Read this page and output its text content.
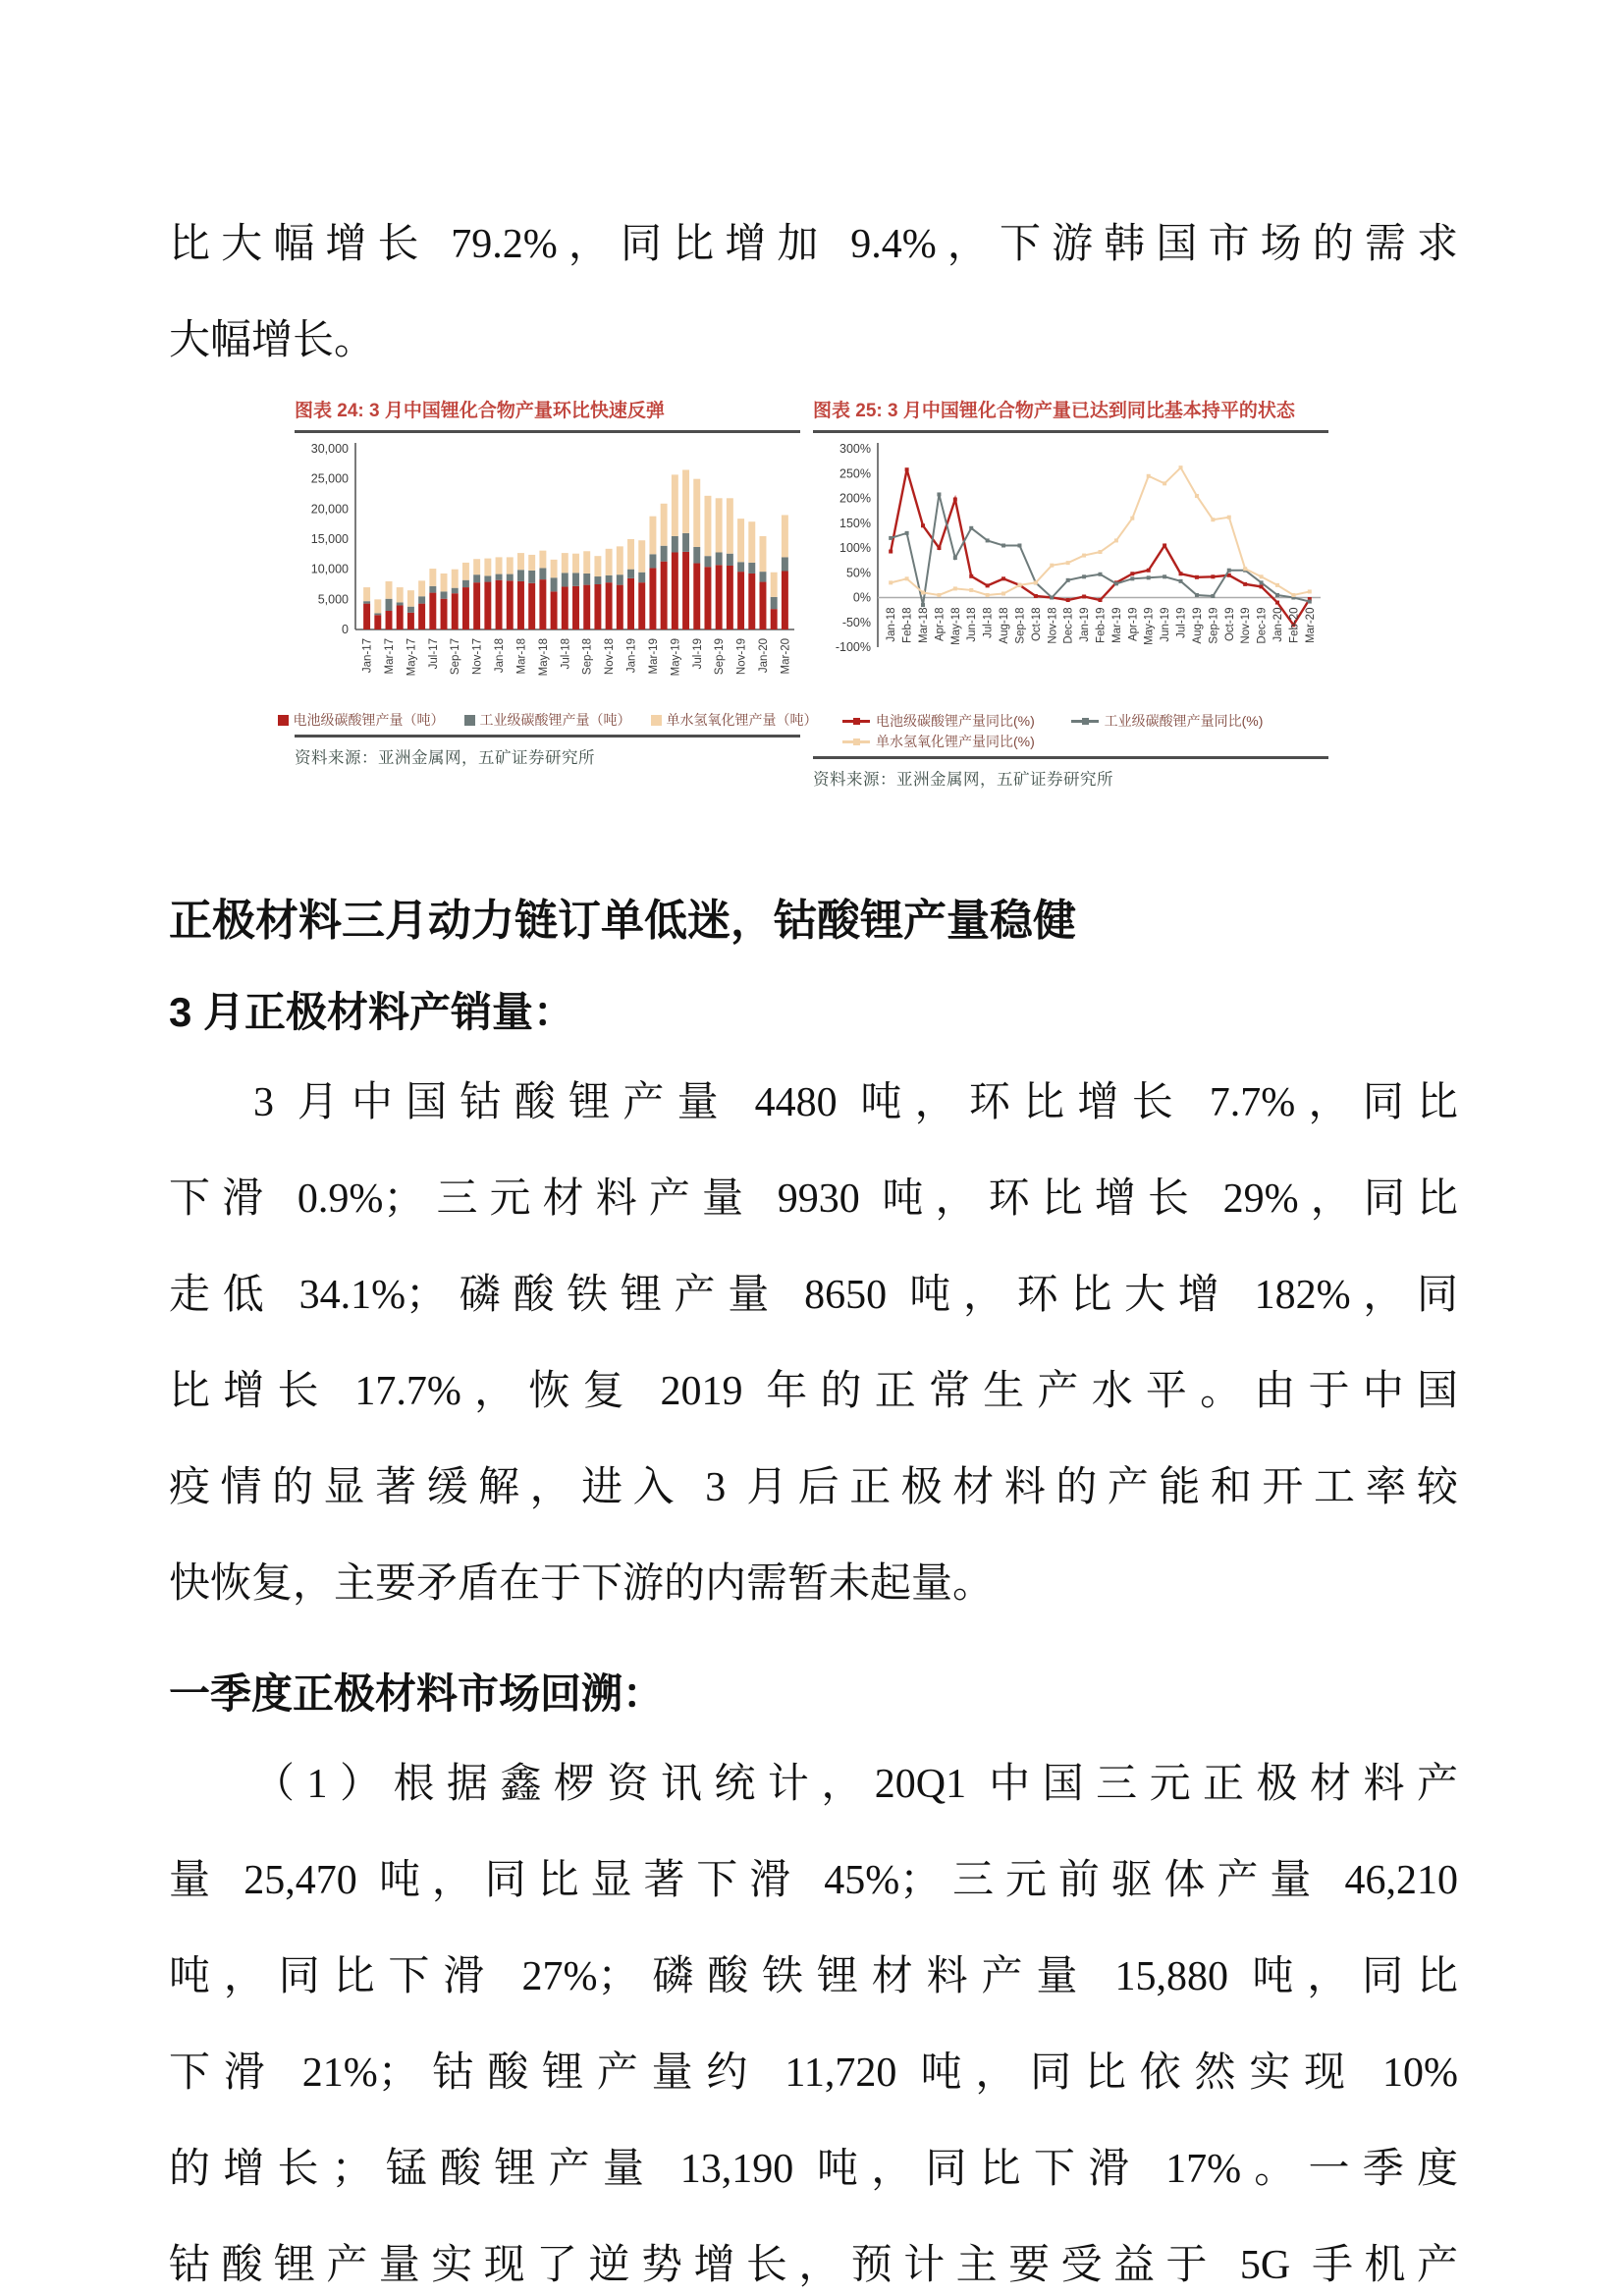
比大幅增长 79.2%，同比增加 9.4%，下游韩国市场的需求
大幅增长。
图表 24: 3 月中国锂化合物产量环比快速反弹
0
5,000
10,000
15,000
20,000
25,000
30,000
Jan-17 Mar-17 May-17 Jul-17 Sep-17 Nov-17 Jan-18 Mar-18 May-18 Jul-18 Sep-18 Nov-18 Jan-19 Mar-19 May-19 Jul-19 Sep-19 Nov-19 Jan-20 Mar-20
电池级碳酸锂产量（吨）	工业级碳酸锂产量（吨）	单水氢氧化锂产量（吨）
资料来源：亚洲金属网，五矿证券研究所
图表 25: 3 月中国锂化合物产量已达到同比基本持平的状态
-100%
-50%
0%
50%
100%
150%
200%
250%
300%
Jan-18 Feb-18 Mar-18 Apr-18 May-18 Jun-18 Jul-18 Aug-18 Sep-18 Oct-18 Nov-18 Dec-18 Jan-19 Feb-19 Mar-19 Apr-19 May-19 Jun-19 Jul-19 Aug-19 Sep-19 Oct-19 Nov-19 Dec-19 Jan-20 Feb-20 Mar-20
电池级碳酸锂产量同比(%)	工业级碳酸锂产量同比(%)
单水氢氧化锂产量同比(%)
资料来源：亚洲金属网，五矿证券研究所
正极材料三月动力链订单低迷，钴酸锂产量稳健
3 月正极材料产销量：
3 月中国钴酸锂产量 4480 吨，环比增长 7.7%，同比
下滑 0.9%；三元材料产量 9930 吨，环比增长 29%，同比
走低 34.1%；磷酸铁锂产量 8650 吨，环比大增 182%，同
比增长 17.7%，恢复 2019 年的正常生产水平。由于中国
疫情的显著缓解，进入 3 月后正极材料的产能和开工率较
快恢复，主要矛盾在于下游的内需暂未起量。
一季度正极材料市场回溯：
（1）根据鑫椤资讯统计，20Q1 中国三元正极材料产
量 25,470 吨，同比显著下滑 45%；三元前驱体产量 46,210
吨，同比下滑 27%；磷酸铁锂材料产量 15,880 吨，同比
下滑 21%；钴酸锂产量约 11,720 吨，同比依然实现 10%
的增长；锰酸锂产量 13,190 吨，同比下滑 17%。一季度
钴酸锂产量实现了逆势增长，预计主要受益于 5G 手机产
